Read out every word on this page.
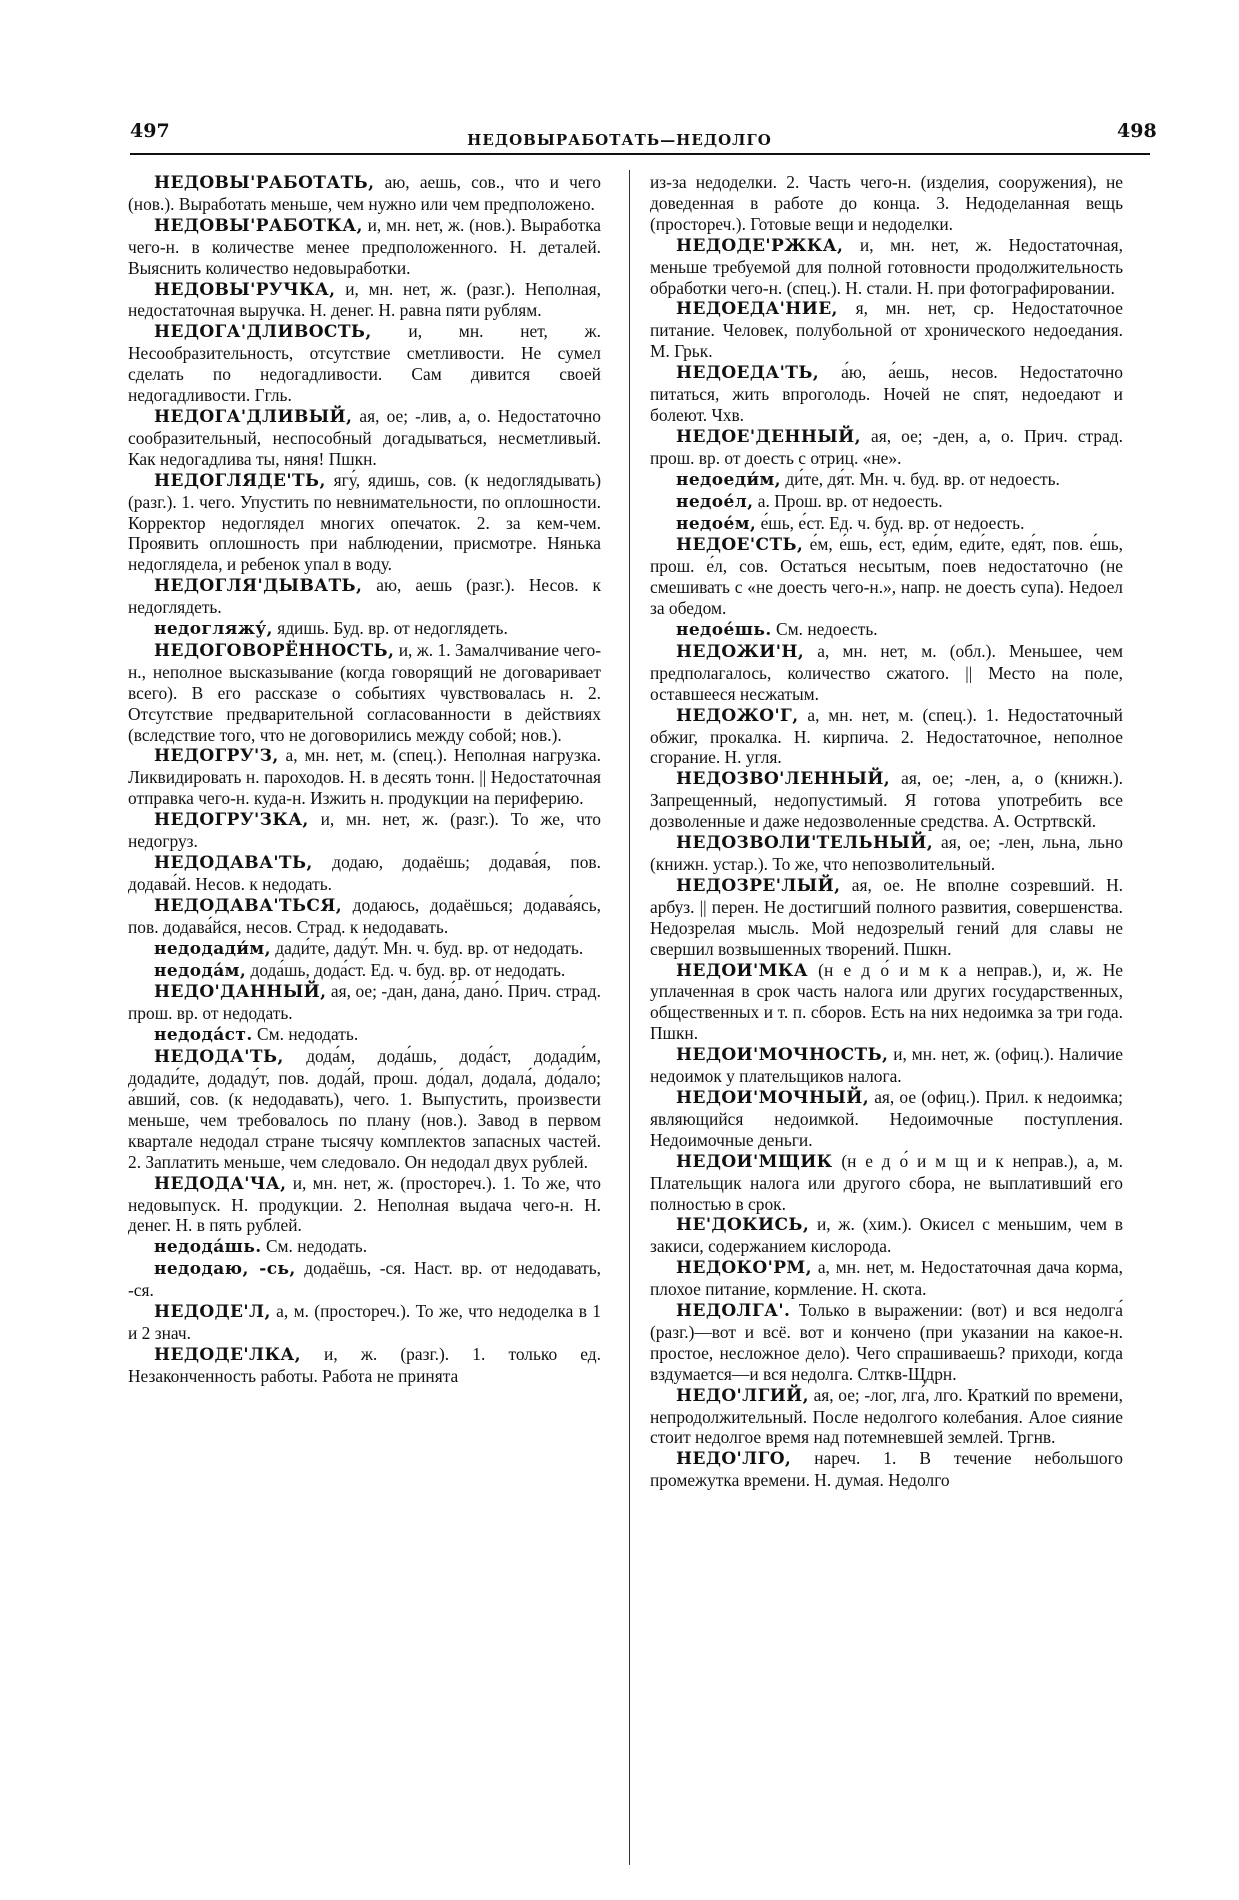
497	НЕДОВЫРАБОТАТЬ—НЕДОЛГО	498

НЕДОВЫ'РАБОТАТЬ, аю, аешь, сов., что и чего (нов.). Выработать меньше, чем нужно или чем предположено.

НЕДОВЫ'РАБОТКА, и, мн. нет, ж. (нов.). Выработка чего-н. в количестве менее предположенного. Н. деталей. Выяснить количество недовыработки.

НЕДОВЫ'РУЧКА, и, мн. нет, ж. (разг.). Неполная, недостаточная выручка. Н. денег. Н. равна пяти рублям.

НЕДОГА'ДЛИВОСТЬ, и, мн. нет, ж. Несообразительность, отсутствие сметливости. Не сумел сделать по недогадливости. Сам дивится своей недогадливости. Ггль.

НЕДОГА'ДЛИВЫЙ, ая, ое; -лив, а, о. Недостаточно сообразительный, неспособный догадываться, несметливый. Как недогадлива ты, няня! Пшкн.

НЕДОГЛЯДЕ'ТЬ, ягу́, ядишь, сов. (к недоглядывать) (разг.). 1. чего. Упустить по невнимательности, по оплошности. Корректор недоглядел многих опечаток. 2. за кем-чем. Проявить оплошность при наблюдении, присмотре. Нянька недоглядела, и ребенок упал в воду.

НЕДОГЛЯ'ДЫВАТЬ, аю, аешь (разг.). Несов. к недоглядеть.

недогляжу́, ядишь. Буд. вр. от недоглядеть.

НЕДОГОВОРЁННОСТЬ, и, ж. 1. Замалчивание чего-н., неполное высказывание (когда говорящий не договаривает всего). В его рассказе о событиях чувствовалась н. 2. Отсутствие предварительной согласованности в действиях (вследствие того, что не договорились между собой; нов.).

НЕДОГРУ'З, а, мн. нет, м. (спец.). Неполная нагрузка. Ликвидировать н. пароходов. Н. в десять тонн. || Недостаточная отправка чего-н. куда-н. Изжить н. продукции на периферию.

НЕДОГРУ'ЗКА, и, мн. нет, ж. (разг.). То же, что недогруз.

НЕДОДАВА'ТЬ, додаю, додаёшь; додава́я, пов. додава́й. Несов. к недодать.

НЕДОДАВА'ТЬСЯ, додаюсь, додаёшься; додава́ясь, пов. додава́йся, несов. Страд. к недодавать.

недодади́м, дади́те, даду́т. Мн. ч. буд. вр. от недодать.

недода́м, дода́шь, дода́ст. Ед. ч. буд. вр. от недодать.

НЕДО'ДАННЫЙ, ая, ое; -дан, дана́, дано́. Прич. страд. прош. вр. от недодать.

недода́ст. См. недодать.

НЕДОДА'ТЬ, дода́м, дода́шь, дода́ст, додади́м, додади́те, додаду́т, пов. дода́й, прош. до́дал, додала́, до́дало; а́вший, сов. (к недодавать), чего. 1. Выпустить, произвести меньше, чем требовалось по плану (нов.). Завод в первом квартале недодал стране тысячу комплектов запасных частей. 2. Заплатить меньше, чем следовало. Он недодал двух рублей.

НЕДОДА'ЧА, и, мн. нет, ж. (простореч.). 1. То же, что недовыпуск. Н. продукции. 2. Неполная выдача чего-н. Н. денег. Н. в пять рублей.

недода́шь. См. недодать.

недодаю, -сь, додаёшь, -ся. Наст. вр. от недодавать, -ся.

НЕДОДЕ'Л, а, м. (простореч.). То же, что недоделка в 1 и 2 знач.

НЕДОДЕ'ЛКА, и, ж. (разг.). 1. только ед. Незаконченность работы. Работа не принята

из-за недоделки. 2. Часть чего-н. (изделия, сооружения), не доведенная в работе до конца. 3. Недоделанная вещь (простореч.). Готовые вещи и недоделки.

НЕДОДЕ'РЖКА, и, мн. нет, ж. Недостаточная, меньше требуемой для полной готовности продолжительность обработки чего-н. (спец.). Н. стали. Н. при фотографировании.

НЕДОЕДА'НИЕ, я, мн. нет, ср. Недостаточное питание. Человек, полубольной от хронического недоедания. М. Грьк.

НЕДОЕДА'ТЬ, а́ю, а́ешь, несов. Недостаточно питаться, жить впроголодь. Ночей не спят, недоедают и болеют. Чхв.

НЕДОЕ'ДЕННЫЙ, ая, ое; -ден, а, о. Прич. страд. прош. вр. от доесть с отриц. «не».

недоеди́м, ди́те, дя́т. Мн. ч. буд. вр. от недоесть.

недое́л, а. Прош. вр. от недоесть.

недое́м, е́шь, е́ст. Ед. ч. буд. вр. от недоесть.

НЕДОЕ'СТЬ, е́м, е́шь, е́ст, еди́м, еди́те, едя́т, пов. е́шь, прош. е́л, сов. Остаться несытым, поев недостаточно (не смешивать с «не доесть чего-н.», напр. не доесть супа). Недоел за обедом.

недое́шь. См. недоесть.

НЕДОЖИ'Н, а, мн. нет, м. (обл.). Меньшее, чем предполагалось, количество сжатого. || Место на поле, оставшееся несжатым.

НЕДОЖО'Г, а, мн. нет, м. (спец.). 1. Недостаточный обжиг, прокалка. Н. кирпича. 2. Недостаточное, неполное сгорание. Н. угля.

НЕДОЗВО'ЛЕННЫЙ, ая, ое; -лен, а, о (книжн.). Запрещенный, недопустимый. Я готова употребить все дозволенные и даже недозволенные средства. А. Остртвскй.

НЕДОЗВОЛИ'ТЕЛЬНЫЙ, ая, ое; -лен, льна, льно (книжн. устар.). То же, что непозволительный.

НЕДОЗРЕ'ЛЫЙ, ая, ое. Не вполне созревший. Н. арбуз. || перен. Не достигший полного развития, совершенства. Недозрелая мысль. Мой недозрелый гений для славы не свершил возвышенных творений. Пшкн.

НЕДОИ'МКА (н е д о́ и м к а неправ.), и, ж. Не уплаченная в срок часть налога или других государственных, общественных и т. п. сборов. Есть на них недоимка за три года. Пшкн.

НЕДОИ'МОЧНОСТЬ, и, мн. нет, ж. (офиц.). Наличие недоимок у плательщиков налога.

НЕДОИ'МОЧНЫЙ, ая, ое (офиц.). Прил. к недоимка; являющийся недоимкой. Недоимочные поступления. Недоимочные деньги.

НЕДОИ'МЩИК (н е д о́ и м щ и к неправ.), а, м. Плательщик налога или другого сбора, не выплативший его полностью в срок.

НЕ'ДОКИСЬ, и, ж. (хим.). Окисел с меньшим, чем в закиси, содержанием кислорода.

НЕДОКО'РМ, а, мн. нет, м. Недостаточная дача корма, плохое питание, кормление. Н. скота.

НЕДОЛГА'. Только в выражении: (вот) и вся недолга́ (разг.)—вот и всё. вот и кончено (при указании на какое-н. простое, несложное дело). Чего спрашиваешь? приходи, когда вздумается—и вся недолга. Слткв-Щдрн.

НЕДО'ЛГИЙ, ая, ое; -лог, лга́, лго. Краткий по времени, непродолжительный. После недолгого колебания. Алое сияние стоит недолгое время над потемневшей землей. Тргнв.

НЕДО'ЛГО, нареч. 1. В течение небольшого промежутка времени. Н. думая. Недолго
